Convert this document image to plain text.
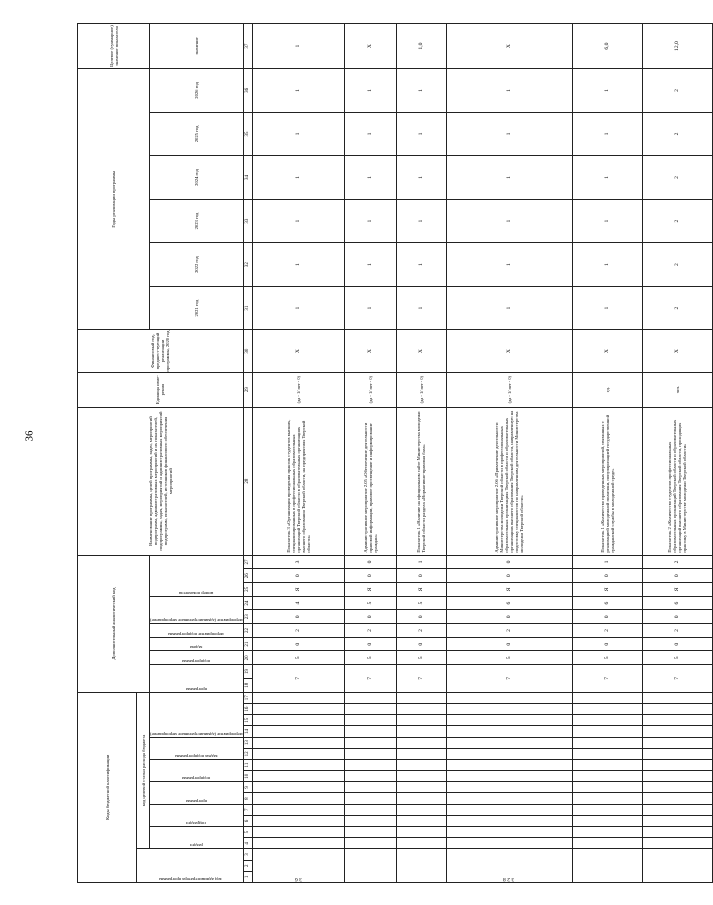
36
Коды бюджетной классификации																	Дополнительный аналитический код										Наименование программы, целей программы, задач, мероприятий подпрограмм, административных мероприятий и их показателей, подпрограммы, задач, мероприятий и административных мероприятий подпрограмм, показателей, источников финансового обеспечения мероприятий	Единица изме-рения	Финансовый год, предшест-вующий реализации программы, 2020 год	Годы реализации программы						Целевое (суммарное) значение показателя

код администратора программы			код целевой статьи расхода бюджета																																	

			раздел		подраздел		программа		подпрограмма		задача подпрограммы		мероприятие (административное мероприятие)				программа		подпрограмма	задача	мероприятие подпрограммы	мероприятие (административное мероприятие)		номер показателя						2021 год	2022 год	2023 год	2024 год	2025 год	2026 год	значение
1	2	3	4	5	6	7	8	9	10	11	12	13	14	15	16	17	18	19	20	21	22	23	24	25	26	27	28	29	30	31	32	33	34	35	36	37

3 6																	7		5	0	2	0	4	Я	0	3	Показатель 3 «Организация проведения практик студентов высших, специализированных в профессиональных образовательных организаций Тверской области в образовательных организациях высшего образования Тверской области, на предприятиях Тверской области»	(да - 1/ нет - 0)	Х	1	1	1	1	1	1	1

																	7		5	0	2	0	5	Я	0	0	Административное мероприятие 2.05 «Обеспечение деятельности правовой информации, правовое просвещение и информирование граждан»	(да - 1/ нет - 0)	Х	1	1	1	1	1	1	Х

																	7		5	0	2	0	5	Я	0	1	Показатель 1 «Наличие на официальном сайте Министерства молодежи Тверской области раздела «Нормативно-правовая база»	(да - 1/ нет - 0)	Х	1	1	1	1	1	1	1,0

3 2 8																	7		5	0	2	0	6	Я	0	0	Административное мероприятие 2.06 «Привлечение деятельности Министерства молодежи Тверской области в профессиональных образовательных организациях Тверской области и образовательных организациях высшего образования Тверской области, направленную на подготовку специалистов по направлениям деятельности Министерства молодежи Тверской области»	(да - 1/ нет - 0)	Х	1	1	1	1	1	1	Х

																	7		5	0	2	0	6	Я	0	1	Показатель 1 «Количество проведенных мероприятий, связанных с реализацией молодежной политики, популяризацией государственной гражданской службы в молодежной среде»	ед.	Х	1	1	1	1	1	1	6,0

																	7		5	0	2	0	6	Я	0	2	Показатель 2 «Количество студентов профессиональных образовательных организаций Тверской области и образовательных организаций высшего образования Тверской области, проходящих практику в Министерстве молодежи Тверской области»	чел.	Х	2	2	2	2	2	2	12,0
